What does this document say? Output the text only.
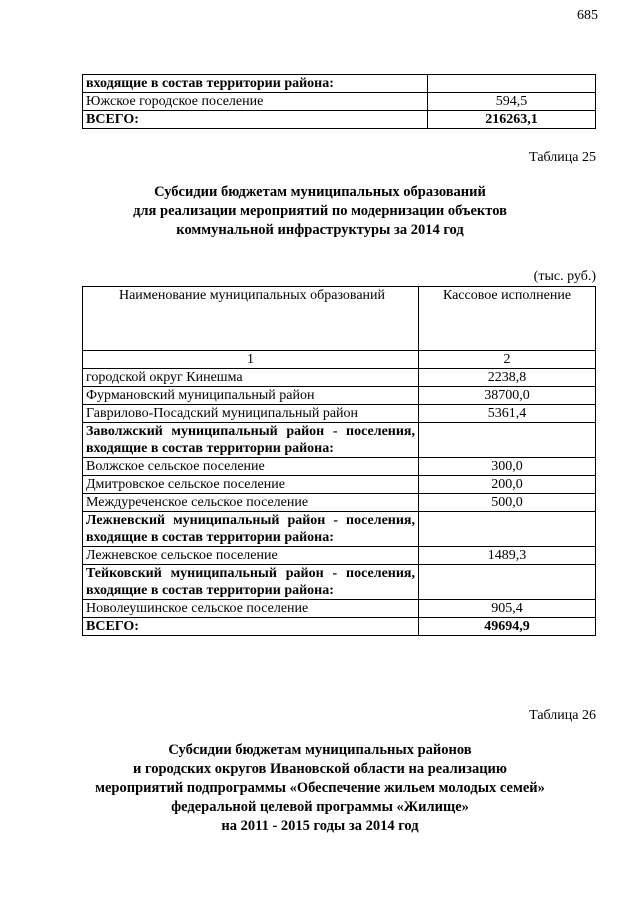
685
входящие в состав территории района:	
Южское городское поселение	594,5
ВСЕГО:	216263,1
Таблица 25
Субсидии бюджетам муниципальных образований
для реализации мероприятий по модернизации объектов
коммунальной инфраструктуры за 2014 год
(тыс. руб.)
Наименование муниципальных образований	Кассовое исполнение
1	2
городской округ Кинешма	2238,8
Фурмановский муниципальный район	38700,0
Гаврилово-Посадский муниципальный район	5361,4
Заволжский муниципальный район - поселения, входящие в состав территории района:	
Волжское сельское поселение	300,0
Дмитровское сельское поселение	200,0
Междуреченское сельское поселение	500,0
Лежневский муниципальный район - поселения, входящие в состав территории района:	
Лежневское сельское поселение	1489,3
Тейковский муниципальный район - поселения, входящие в состав территории района:	
Новолеушинское сельское поселение	905,4
ВСЕГО:	49694,9
Таблица 26
Субсидии бюджетам муниципальных районов
и городских округов Ивановской области на реализацию
мероприятий подпрограммы «Обеспечение жильем молодых семей»
федеральной целевой программы «Жилище»
на 2011 - 2015 годы за 2014 год
